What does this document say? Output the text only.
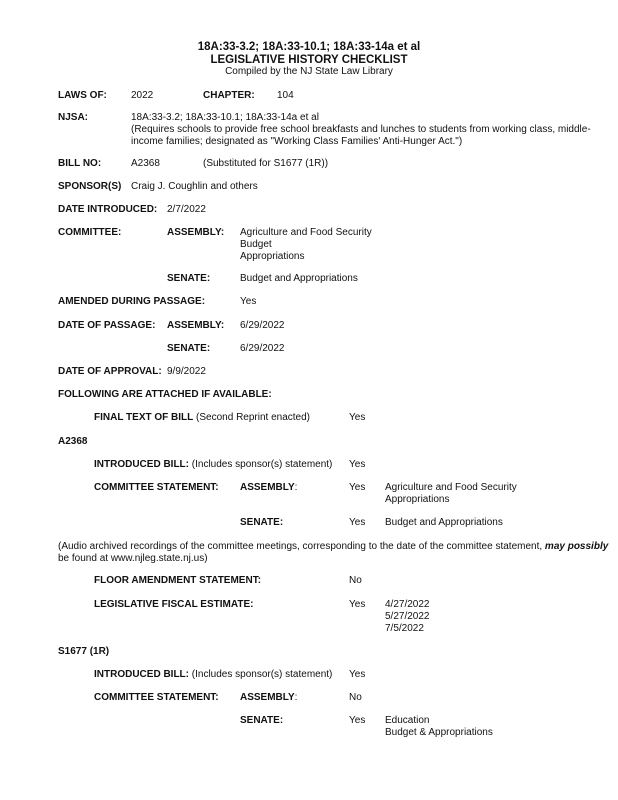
18A:33-3.2; 18A:33-10.1; 18A:33-14a et al
LEGISLATIVE HISTORY CHECKLIST
Compiled by the NJ State Law Library
LAWS OF: 2022	CHAPTER: 104
NJSA:	18A:33-3.2; 18A:33-10.1; 18A:33-14a et al
(Requires schools to provide free school breakfasts and lunches to students from working class, middle-
income families; designated as "Working Class Families' Anti-Hunger Act.")
BILL NO:	A2368	(Substituted for S1677 (1R))
SPONSOR(S) Craig J. Coughlin and others
DATE INTRODUCED: 2/7/2022
COMMITTEE:	ASSEMBLY: Agriculture and Food Security
Budget
Appropriations
SENATE:	Budget and Appropriations
AMENDED DURING PASSAGE:	Yes
DATE OF PASSAGE: ASSEMBLY: 6/29/2022
SENATE:	6/29/2022
DATE OF APPROVAL: 9/9/2022
FOLLOWING ARE ATTACHED IF AVAILABLE:
FINAL TEXT OF BILL (Second Reprint enacted)	Yes
A2368
INTRODUCED BILL: (Includes sponsor(s) statement) Yes
COMMITTEE STATEMENT: ASSEMBLY:	Yes Agriculture and Food Security
Appropriations
SENATE:	Yes Budget and Appropriations
(Audio archived recordings of the committee meetings, corresponding to the date of the committee statement, may possibly
be found at www.njleg.state.nj.us)
FLOOR AMENDMENT STATEMENT:	No
LEGISLATIVE FISCAL ESTIMATE:	Yes 4/27/2022
5/27/2022
7/5/2022
S1677 (1R)
INTRODUCED BILL: (Includes sponsor(s) statement) Yes
COMMITTEE STATEMENT: ASSEMBLY:	No
SENATE:	Yes Education
Budget & Appropriations
